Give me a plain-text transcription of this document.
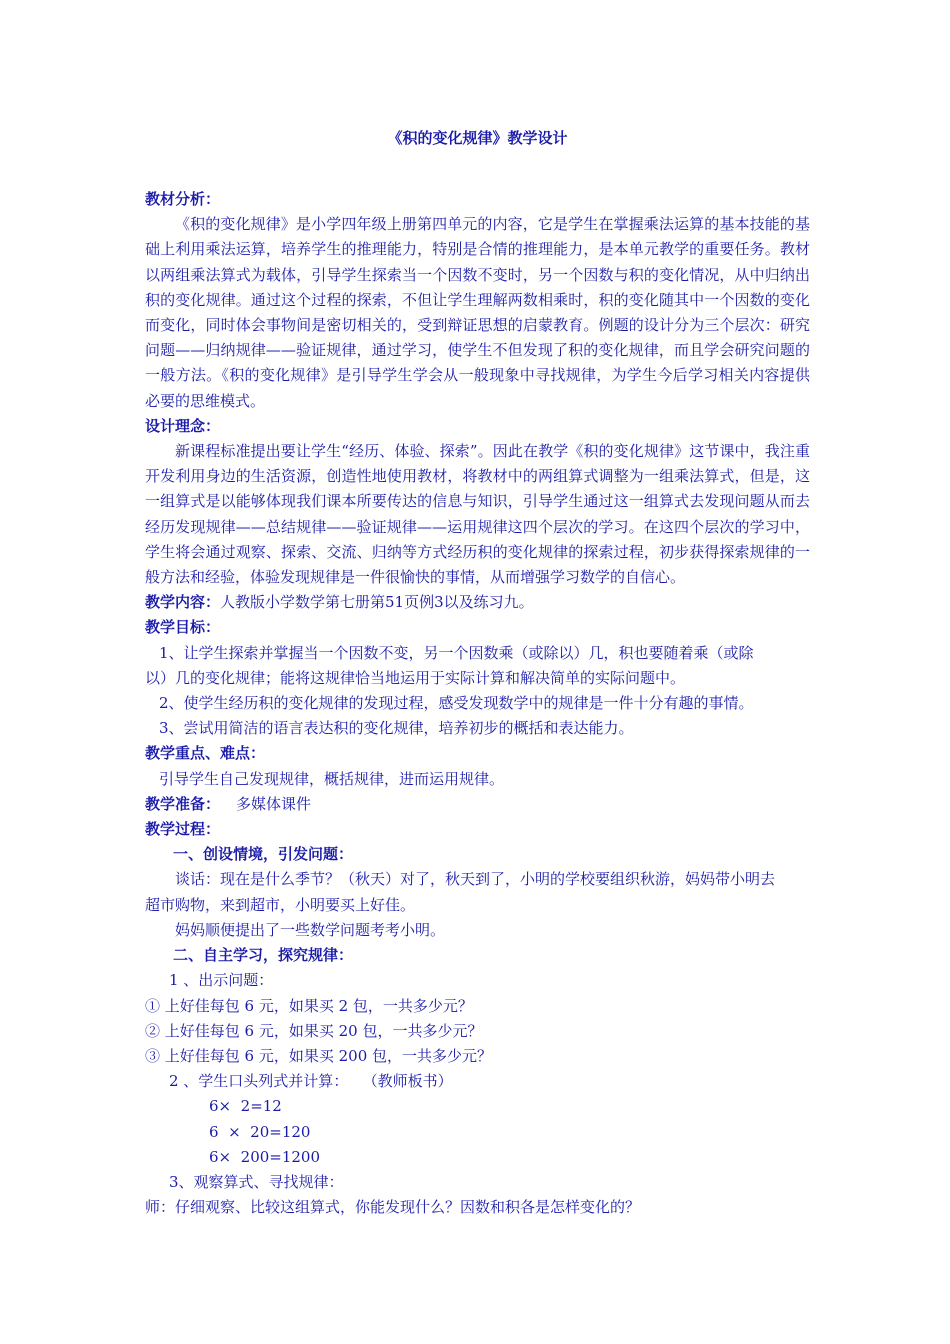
《积的变化规律》教学设计
教材分析：

《积的变化规律》是小学四年级上册第四单元的内容，它是学生在掌握乘法运算的基本技能的基础上利用乘法运算，培养学生的推理能力，特别是合情的推理能力，是本单元教学的重要任务。教材以两组乘法算式为载体，引导学生探索当一个因数不变时，另一个因数与积的变化情况，从中归纳出积的变化规律。通过这个过程的探索，不但让学生理解两数相乘时，积的变化随其中一个因数的变化而变化，同时体会事物间是密切相关的，受到辩证思想的启蒙教育。例题的设计分为三个层次：研究问题——归纳规律——验证规律，通过学习，使学生不但发现了积的变化规律，而且学会研究问题的一般方法。《积的变化规律》是引导学生学会从一般现象中寻找规律，为学生今后学习相关内容提供必要的思维模式。

设计理念：

新课程标准提出要让学生“经历、体验、探索”。因此在教学《积的变化规律》这节课中，我注重开发利用身边的生活资源，创造性地使用教材，将教材中的两组算式调整为一组乘法算式，但是，这一组算式是以能够体现我们课本所要传达的信息与知识，引导学生通过这一组算式去发现问题从而去经历发现规律——总结规律——验证规律——运用规律这四个层次的学习。在这四个层次的学习中，学生将会通过观察、探索、交流、归纳等方式经历积的变化规律的探索过程，初步获得探索规律的一般方法和经验，体验发现规律是一件很愉快的事情，从而增强学习数学的自信心。

教学内容：人教版小学数学第七册第51页例3以及练习九。

教学目标：

1、让学生探索并掌握当一个因数不变，另一个因数乘（或除以）几，积也要随着乘（或除

以）几的变化规律；能将这规律恰当地运用于实际计算和解决简单的实际问题中。

2、使学生经历积的变化规律的发现过程，感受发现数学中的规律是一件十分有趣的事情。

3、尝试用简洁的语言表达积的变化规律，培养初步的概括和表达能力。

教学重点、难点：

引导学生自己发现规律，概括规律，进而运用规律。

教学准备： 多媒体课件

教学过程：
一、创设情境，引发问题：

谈话：现在是什么季节？（秋天）对了，秋天到了，小明的学校要组织秋游，妈妈带小明去

超市购物，来到超市，小明要买上好佳。

妈妈顺便提出了一些数学问题考考小明。

二、自主学习，探究规律：

1 、出示问题：

① 上好佳每包 6 元，如果买 2 包，一共多少元？

② 上好佳每包 6 元，如果买 20 包，一共多少元？

③ 上好佳每包 6 元，如果买 200 包，一共多少元？

2 、学生口头列式并计算：   （教师板书）

6×  2=12

6  ×  20=120

6×  200=1200

3、观察算式、寻找规律：

师：仔细观察、比较这组算式，你能发现什么？因数和积各是怎样变化的？
